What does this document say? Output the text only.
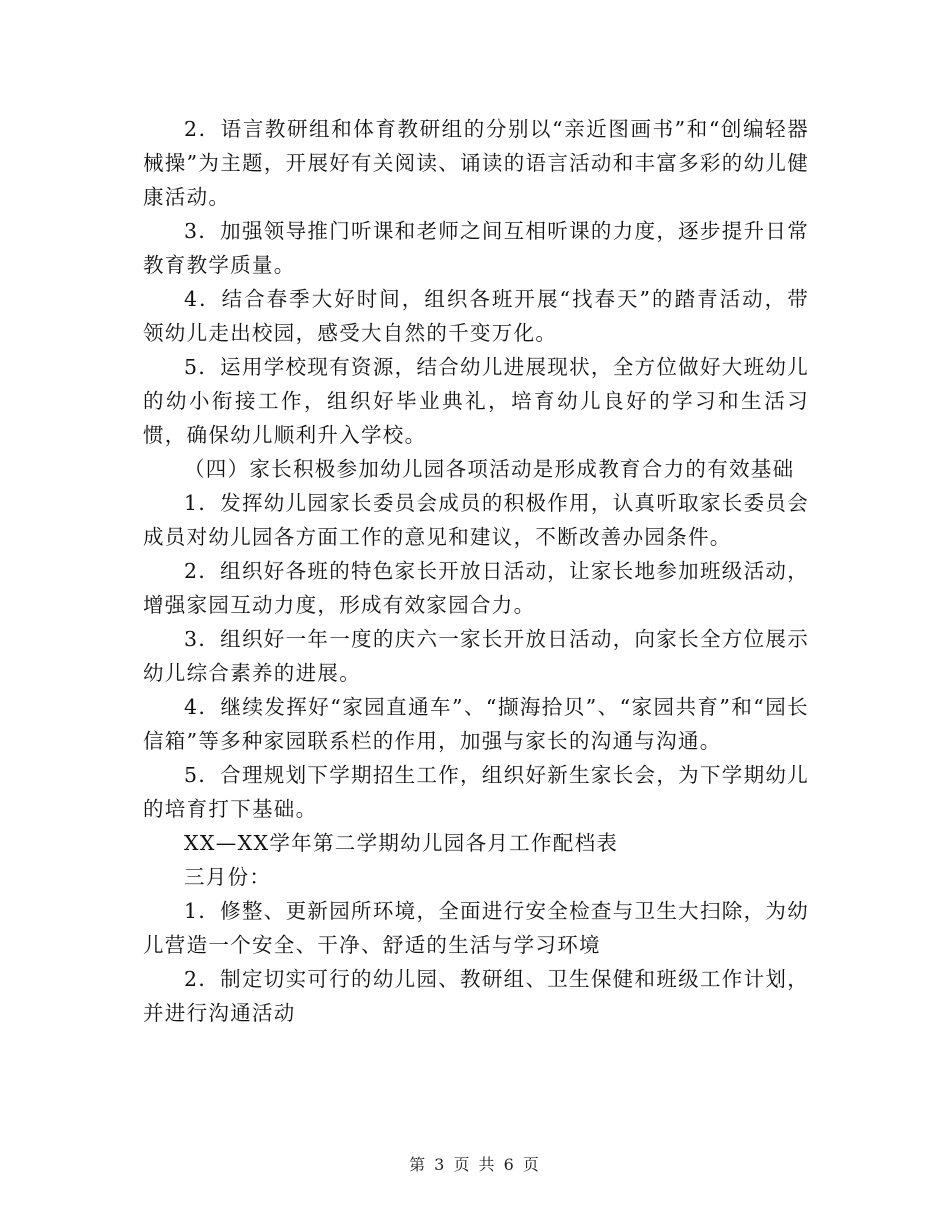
2．语言教研组和体育教研组的分别以“亲近图画书”和“创编轻器械操”为主题，开展好有关阅读、诵读的语言活动和丰富多彩的幼儿健康活动。

3．加强领导推门听课和老师之间互相听课的力度，逐步提升日常教育教学质量。

4．结合春季大好时间，组织各班开展“找春天”的踏青活动，带领幼儿走出校园，感受大自然的千变万化。

5．运用学校现有资源，结合幼儿进展现状，全方位做好大班幼儿的幼小衔接工作，组织好毕业典礼，培育幼儿良好的学习和生活习惯，确保幼儿顺利升入学校。

（四）家长积极参加幼儿园各项活动是形成教育合力的有效基础

1．发挥幼儿园家长委员会成员的积极作用，认真听取家长委员会成员对幼儿园各方面工作的意见和建议，不断改善办园条件。

2．组织好各班的特色家长开放日活动，让家长地参加班级活动，增强家园互动力度，形成有效家园合力。

3．组织好一年一度的庆六一家长开放日活动，向家长全方位展示幼儿综合素养的进展。

4．继续发挥好“家园直通车”、“撷海拾贝”、“家园共育”和“园长信箱”等多种家园联系栏的作用，加强与家长的沟通与沟通。

5．合理规划下学期招生工作，组织好新生家长会，为下学期幼儿的培育打下基础。

XX—XX学年第二学期幼儿园各月工作配档表

三月份：

1．修整、更新园所环境，全面进行安全检查与卫生大扫除，为幼儿营造一个安全、干净、舒适的生活与学习环境

2．制定切实可行的幼儿园、教研组、卫生保健和班级工作计划，并进行沟通活动

第 3 页 共 6 页
